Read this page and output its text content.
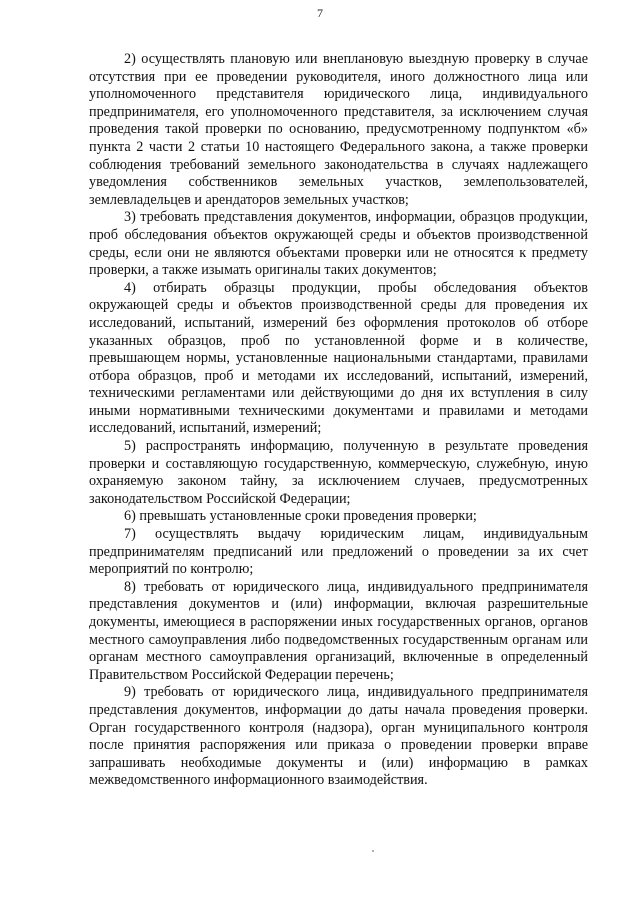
7

2) осуществлять плановую или внеплановую выездную проверку в случае отсутствия при ее проведении руководителя, иного должностного лица или уполномоченного представителя юридического лица, индивидуального предпринимателя, его уполномоченного представителя, за исключением случая проведения такой проверки по основанию, предусмотренному подпунктом «б» пункта 2 части 2 статьи 10 настоящего Федерального закона, а также проверки соблюдения требований земельного законодательства в случаях надлежащего уведомления собственников земельных участков, землепользователей, землевладельцев и арендаторов земельных участков;

3) требовать представления документов, информации, образцов продукции, проб обследования объектов окружающей среды и объектов производственной среды, если они не являются объектами проверки или не относятся к предмету проверки, а также изымать оригиналы таких документов;

4) отбирать образцы продукции, пробы обследования объектов окружающей среды и объектов производственной среды для проведения их исследований, испытаний, измерений без оформления протоколов об отборе указанных образцов, проб по установленной форме и в количестве, превышающем нормы, установленные национальными стандартами, правилами отбора образцов, проб и методами их исследований, испытаний, измерений, техническими регламентами или действующими до дня их вступления в силу иными нормативными техническими документами и правилами и методами исследований, испытаний, измерений;

5) распространять информацию, полученную в результате проведения проверки и составляющую государственную, коммерческую, служебную, иную охраняемую законом тайну, за исключением случаев, предусмотренных законодательством Российской Федерации;

6) превышать установленные сроки проведения проверки;

7) осуществлять выдачу юридическим лицам, индивидуальным предпринимателям предписаний или предложений о проведении за их счет мероприятий по контролю;

8) требовать от юридического лица, индивидуального предпринимателя представления документов и (или) информации, включая разрешительные документы, имеющиеся в распоряжении иных государственных органов, органов местного самоуправления либо подведомственных государственным органам или органам местного самоуправления организаций, включенные в определенный Правительством Российской Федерации перечень;

9) требовать от юридического лица, индивидуального предпринимателя представления документов, информации до даты начала проведения проверки. Орган государственного контроля (надзора), орган муниципального контроля после принятия распоряжения или приказа о проведении проверки вправе запрашивать необходимые документы и (или) информацию в рамках межведомственного информационного взаимодействия.
